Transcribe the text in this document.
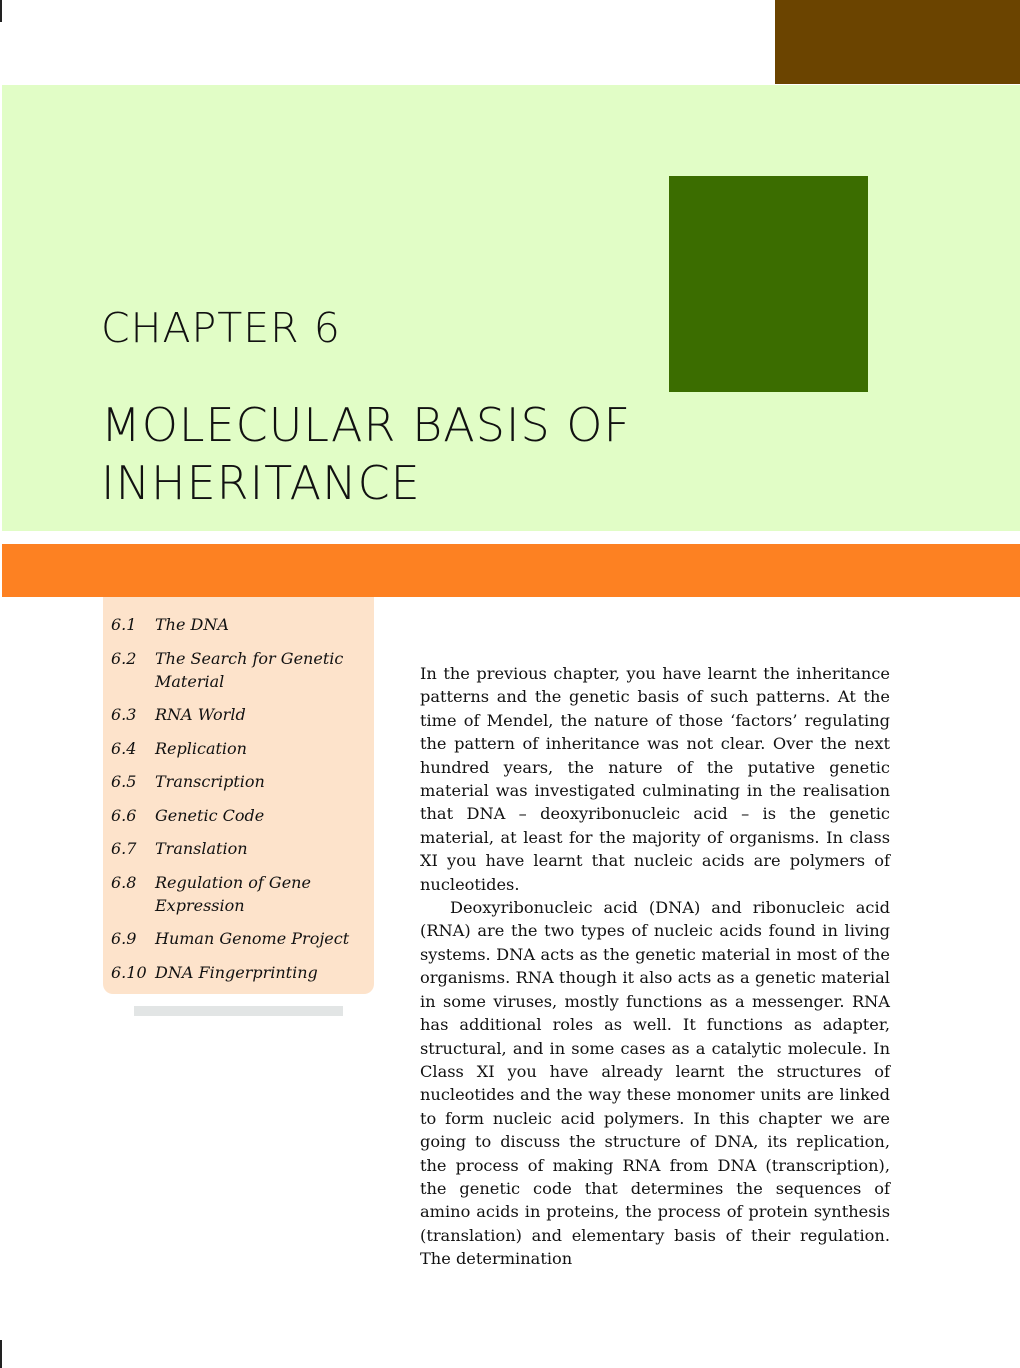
CHAPTER 6
MOLECULAR BASIS OF INHERITANCE
6.1	The DNA
6.2	The Search for Genetic Material
6.3	RNA World
6.4	Replication
6.5	Transcription
6.6	Genetic Code
6.7	Translation
6.8	Regulation of Gene Expression
6.9	Human Genome Project
6.10 DNA Fingerprinting

In the previous chapter, you have learnt the inheritance patterns and the genetic basis of such patterns. At the time of Mendel, the nature of those ‘factors’ regulating the pattern of inheritance was not clear. Over the next hundred years, the nature of the putative genetic material was investigated culminating in the realisation that DNA – deoxyribonucleic acid – is the genetic material, at least for the majority of organisms. In class XI you have learnt that nucleic acids are polymers of nucleotides.

Deoxyribonucleic acid (DNA) and ribonucleic acid (RNA) are the two types of nucleic acids found in living systems. DNA acts as the genetic material in most of the organisms. RNA though it also acts as a genetic material in some viruses, mostly functions as a messenger. RNA has additional roles as well. It functions as adapter, structural, and in some cases as a catalytic molecule. In Class XI you have already learnt the structures of nucleotides and the way these monomer units are linked to form nucleic acid polymers. In this chapter we are going to discuss the structure of DNA, its replication, the process of making RNA from DNA (transcription), the genetic code that determines the sequences of amino acids in proteins, the process of protein synthesis (translation) and elementary basis of their regulation. The determination
